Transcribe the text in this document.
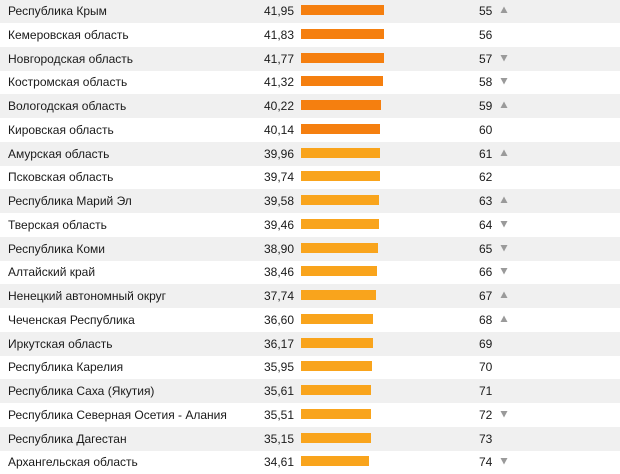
Республика Крым	41,95	55
Кемеровская область	41,83	56
Новгородская область	41,77	57
Костромская область	41,32	58
Вологодская область	40,22	59
Кировская область	40,14	60
Амурская область	39,96	61
Псковская область	39,74	62
Республика Марий Эл	39,58	63
Тверская область	39,46	64
Республика Коми	38,90	65
Алтайский край	38,46	66
Ненецкий автономный округ	37,74	67
Чеченская Республика	36,60	68
Иркутская область	36,17	69
Республика Карелия	35,95	70
Республика Саха (Якутия)	35,61	71
Республика Северная Осетия - Алания	35,51	72
Республика Дагестан	35,15	73
Архангельская область	34,61	74
